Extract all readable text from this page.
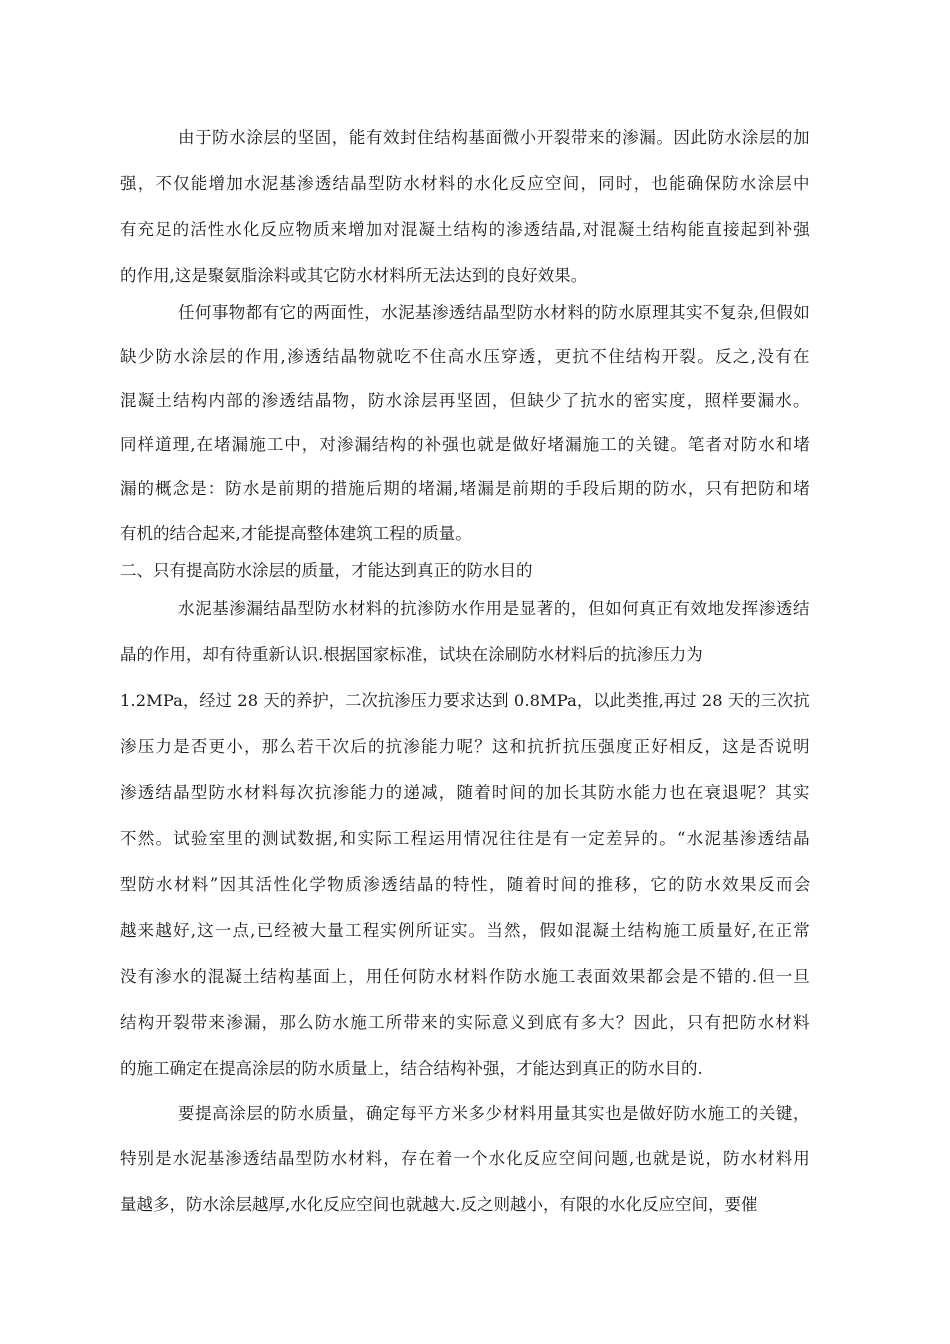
由于防水涂层的坚固，能有效封住结构基面微小开裂带来的渗漏。因此防水涂层的加
强，不仅能增加水泥基渗透结晶型防水材料的水化反应空间，同时，也能确保防水涂层中
有充足的活性水化反应物质来增加对混凝土结构的渗透结晶,对混凝土结构能直接起到补强
的作用,这是聚氨脂涂料或其它防水材料所无法达到的良好效果。
任何事物都有它的两面性，水泥基渗透结晶型防水材料的防水原理其实不复杂,但假如
缺少防水涂层的作用,渗透结晶物就吃不住高水压穿透，更抗不住结构开裂。反之,没有在
混凝土结构内部的渗透结晶物，防水涂层再坚固，但缺少了抗水的密实度，照样要漏水。
同样道理,在堵漏施工中，对渗漏结构的补强也就是做好堵漏施工的关键。笔者对防水和堵
漏的概念是：防水是前期的措施后期的堵漏,堵漏是前期的手段后期的防水，只有把防和堵
有机的结合起来,才能提高整体建筑工程的质量。
二、只有提高防水涂层的质量，才能达到真正的防水目的
水泥基渗漏结晶型防水材料的抗渗防水作用是显著的，但如何真正有效地发挥渗透结
晶的作用，却有待重新认识.根据国家标准，试块在涂刷防水材料后的抗渗压力为
1.2MPa，经过 28 天的养护，二次抗渗压力要求达到 0.8MPa，以此类推,再过 28 天的三次抗
渗压力是否更小，那么若干次后的抗渗能力呢？这和抗折抗压强度正好相反，这是否说明
渗透结晶型防水材料每次抗渗能力的递减，随着时间的加长其防水能力也在衰退呢？其实
不然。试验室里的测试数据,和实际工程运用情况往往是有一定差异的。“水泥基渗透结晶
型防水材料”因其活性化学物质渗透结晶的特性，随着时间的推移，它的防水效果反而会
越来越好,这一点,已经被大量工程实例所证实。当然，假如混凝土结构施工质量好,在正常
没有渗水的混凝土结构基面上，用任何防水材料作防水施工表面效果都会是不错的.但一旦
结构开裂带来渗漏，那么防水施工所带来的实际意义到底有多大？因此，只有把防水材料
的施工确定在提高涂层的防水质量上，结合结构补强，才能达到真正的防水目的.
要提高涂层的防水质量，确定每平方米多少材料用量其实也是做好防水施工的关键，
特别是水泥基渗透结晶型防水材料，存在着一个水化反应空间问题,也就是说，防水材料用
量越多，防水涂层越厚,水化反应空间也就越大.反之则越小，有限的水化反应空间，要催
